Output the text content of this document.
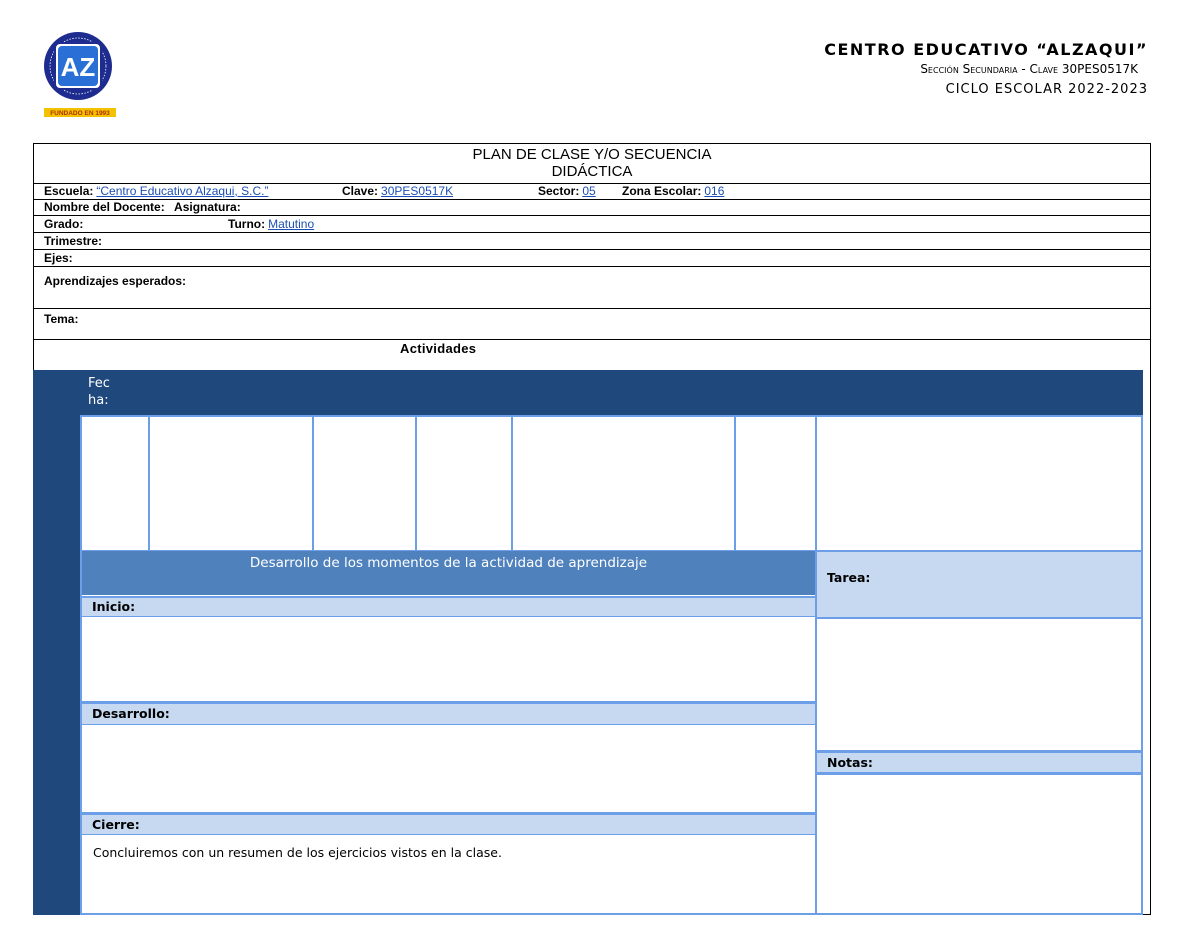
AZ
FUNDADO EN 1993
CENTRO EDUCATIVO “ALZAQUI”
Sección Secundaria - Clave 30PES0517K
CICLO ESCOLAR 2022-2023
PLAN DE CLASE Y/O SECUENCIA
DIDÁCTICA
Escuela: “Centro Educativo Alzaqui, S.C.”	Clave: 30PES0517K	Sector: 05 Zona Escolar: 016
Nombre del Docente: Asignatura:
Grado:	Turno: Matutino
Trimestre:
Ejes:
Aprendizajes esperados:
Tema:
Actividades
Fec
ha:
Desarrollo de los momentos de la actividad de aprendizaje
Inicio:
Desarrollo:
Cierre:
Concluiremos con un resumen de los ejercicios vistos en la clase.
Tarea:
Notas:
